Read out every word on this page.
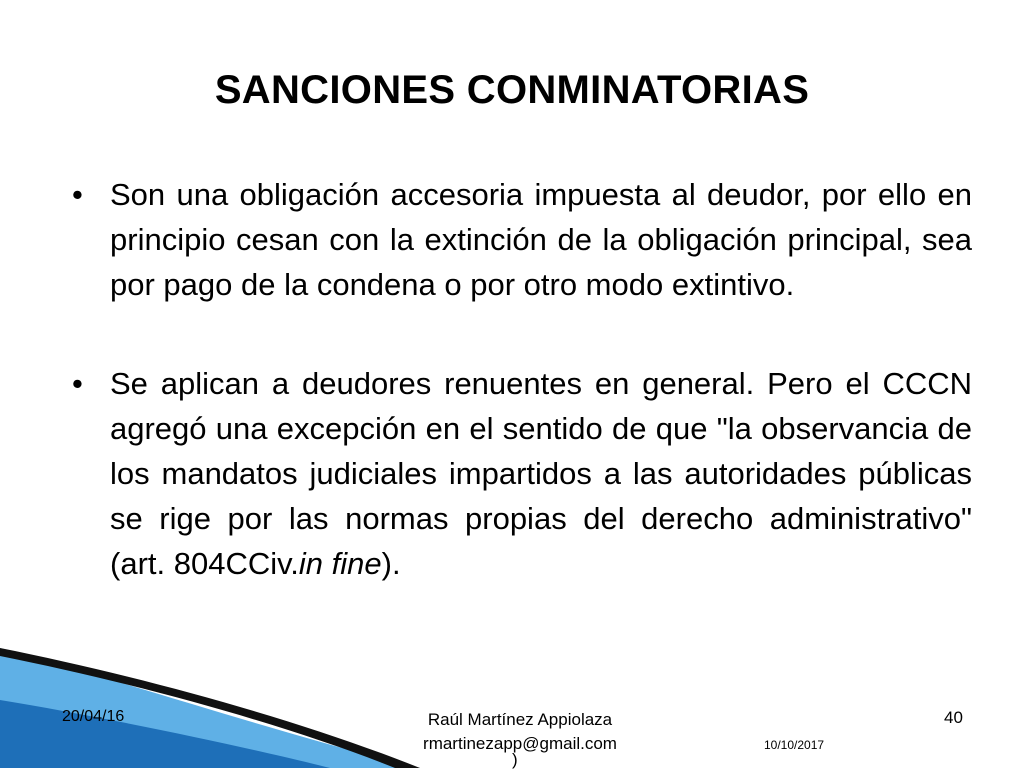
SANCIONES CONMINATORIAS
• Son una obligación accesoria impuesta al deudor, por ello en principio cesan con la extinción de la obligación principal, sea por pago de la condena o por otro modo extintivo.
• Se aplican a deudores renuentes en general. Pero el CCCN agregó una excepción en el sentido de que "la observancia de los mandatos judiciales impartidos a las autoridades públicas se rige por las normas propias del derecho administrativo" (art. 804CCiv.in fine).
20/04/16	Raúl Martínez Appiolaza
rmartinezapp@gmail.com
)
40
10/10/2017
